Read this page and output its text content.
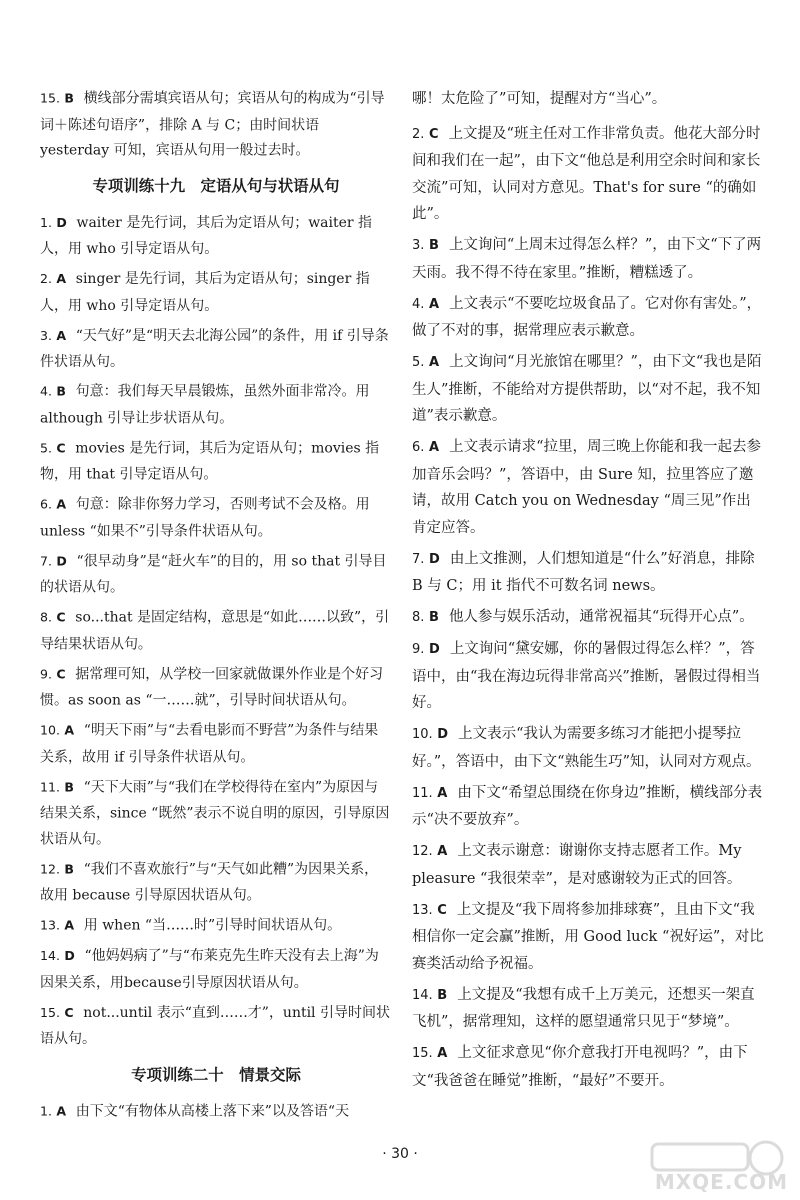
15. B 横线部分需填宾语从句；宾语从句的构成为“引导词＋陈述句语序”，排除 A 与 C；由时间状语 yesterday 可知，宾语从句用一般过去时。
专项训练十九　定语从句与状语从句
1. D waiter 是先行词，其后为定语从句；waiter 指人，用 who 引导定语从句。
2. A singer 是先行词，其后为定语从句；singer 指人，用 who 引导定语从句。
3. A “天气好”是“明天去北海公园”的条件，用 if 引导条件状语从句。
4. B 句意：我们每天早晨锻炼，虽然外面非常冷。用 although 引导让步状语从句。
5. C movies 是先行词，其后为定语从句；movies 指物，用 that 引导定语从句。
6. A 句意：除非你努力学习，否则考试不会及格。用 unless “如果不”引导条件状语从句。
7. D “很早动身”是“赶火车”的目的，用 so that 引导目的状语从句。
8. C so...that 是固定结构，意思是“如此……以致”，引导结果状语从句。
9. C 据常理可知，从学校一回家就做课外作业是个好习惯。as soon as “一……就”，引导时间状语从句。
10. A “明天下雨”与“去看电影而不野营”为条件与结果关系，故用 if 引导条件状语从句。
11. B “天下大雨”与“我们在学校得待在室内”为原因与结果关系，since “既然”表示不说自明的原因，引导原因状语从句。
12. B “我们不喜欢旅行”与“天气如此糟”为因果关系，故用 because 引导原因状语从句。
13. A 用 when “当……时”引导时间状语从句。
14. D “他妈妈病了”与“布莱克先生昨天没有去上海”为因果关系，用because引导原因状语从句。
15. C not...until 表示“直到……才”，until 引导时间状语从句。
专项训练二十　情景交际
1. A 由下文“有物体从高楼上落下来”以及答语“天
哪！太危险了”可知，提醒对方“当心”。
2. C 上文提及“班主任对工作非常负责。他花大部分时间和我们在一起”，由下文“他总是利用空余时间和家长交流”可知，认同对方意见。That's for sure “的确如此”。
3. B 上文询问“上周末过得怎么样？”，由下文“下了两天雨。我不得不待在家里。”推断，糟糕透了。
4. A 上文表示“不要吃垃圾食品了。它对你有害处。”，做了不对的事，据常理应表示歉意。
5. A 上文询问“月光旅馆在哪里？”，由下文“我也是陌生人”推断，不能给对方提供帮助，以“对不起，我不知道”表示歉意。
6. A 上文表示请求“拉里，周三晚上你能和我一起去参加音乐会吗？”，答语中，由 Sure 知，拉里答应了邀请，故用 Catch you on Wednesday “周三见”作出肯定应答。
7. D 由上文推测，人们想知道是“什么”好消息，排除 B 与 C；用 it 指代不可数名词 news。
8. B 他人参与娱乐活动，通常祝福其“玩得开心点”。
9. D 上文询问“黛安娜，你的暑假过得怎么样？”，答语中，由“我在海边玩得非常高兴”推断，暑假过得相当好。
10. D 上文表示“我认为需要多练习才能把小提琴拉好。”，答语中，由下文“熟能生巧”知，认同对方观点。
11. A 由下文“希望总围绕在你身边”推断，横线部分表示“决不要放弃”。
12. A 上文表示谢意：谢谢你支持志愿者工作。My pleasure “我很荣幸”，是对感谢较为正式的回答。
13. C 上文提及“我下周将参加排球赛”，且由下文“我相信你一定会赢”推断，用 Good luck “祝好运”，对比赛类活动给予祝福。
14. B 上文提及“我想有成千上万美元，还想买一架直飞机”，据常理知，这样的愿望通常只见于“梦境”。
15. A 上文征求意见“你介意我打开电视吗？”，由下文“我爸爸在睡觉”推断，“最好”不要开。
· 30 ·
MXQE.COM
